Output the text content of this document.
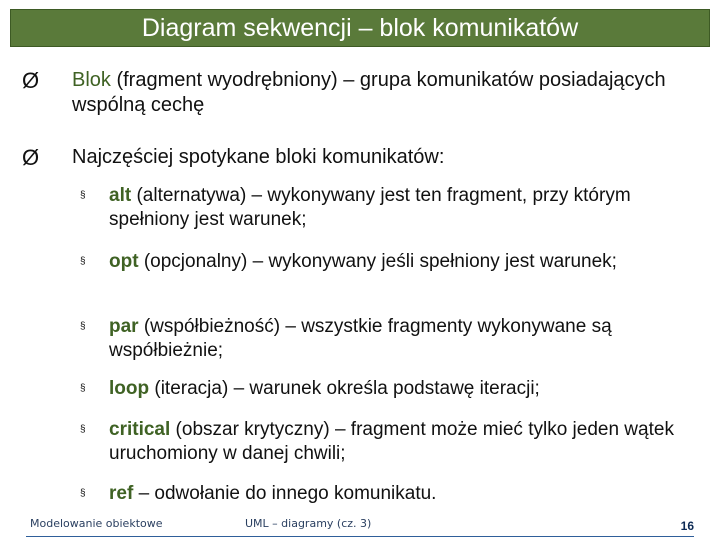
Diagram sekwencji – blok komunikatów
Ø	Blok (fragment wyodrębniony) – grupa komunikatów posiadających wspólną cechę
Ø	Najczęściej spotykane bloki komunikatów:
§	alt (alternatywa) – wykonywany jest ten fragment, przy którym spełniony jest warunek;
§	opt (opcjonalny) – wykonywany jeśli spełniony jest warunek;
§	par (współbieżność) – wszystkie fragmenty wykonywane są współbieżnie;
§	loop (iteracja) – warunek określa podstawę iteracji;
§	critical (obszar krytyczny) – fragment może mieć tylko jeden wątek uruchomiony w danej chwili;
§	ref – odwołanie do innego komunikatu.
Modelowanie obiektowe	UML – diagramy (cz. 3)	16
